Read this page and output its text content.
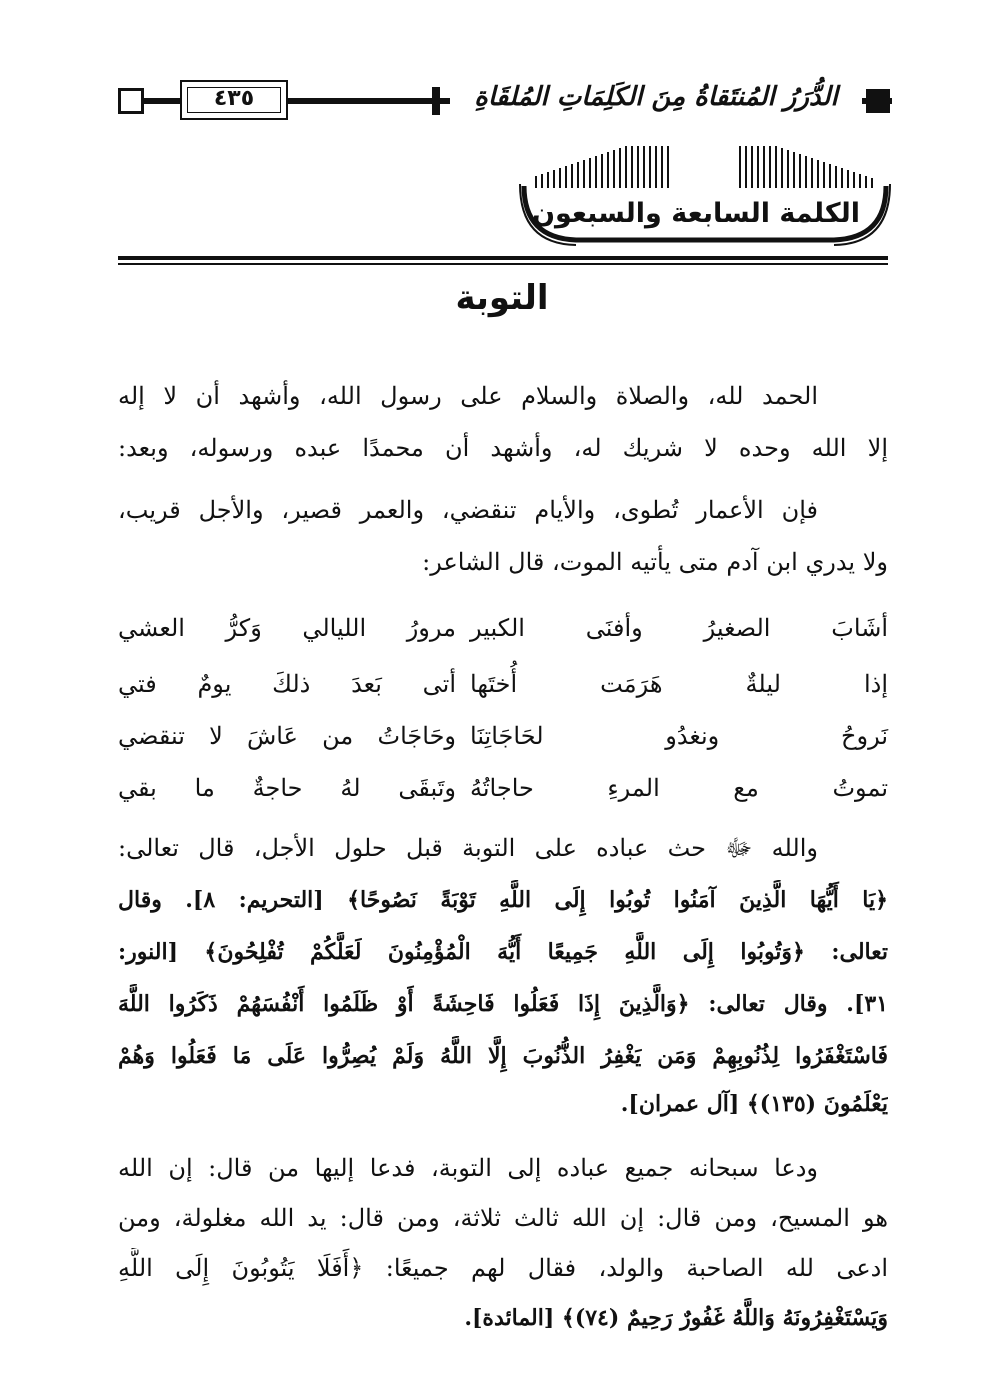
٤٣٥	الدُّرَرُ المُنتَقاةُ مِنَ الكَلِمَاتِ المُلقَاةِ
الكلمة السابعة والسبعون
التوبة
الحمد لله، والصلاة والسلام على رسول الله، وأشهد أن لا إله
إلا الله وحده لا شريك له، وأشهد أن محمدًا عبده ورسوله، وبعد:
فإن الأعمار تُطوى، والأيام تنقضي، والعمر قصير، والأجل قريب،
ولا يدري ابن آدم متى يأتيه الموت، قال الشاعر:
أشَابَ الصغيرُ وأفنَى الكبير
مرورُ الليالي وَكرُّ العشي
إذا ليلةٌ هَرَمَت أُختَها
أتى بَعدَ ذلكَ يومٌ فتي
نَروحُ ونغدُو لحَاجَاتِنَا
وحَاجَاتُ من عَاشَ لا تنقضي
تموتُ مع المرءِ حاجاتُهُ
وتَبقَى لهُ حاجةٌ ما بقي
والله ﷻ حث عباده على التوبة قبل حلول الأجل، قال تعالى:
﴿يَا أَيُّهَا الَّذِينَ آمَنُوا تُوبُوا إِلَى اللَّهِ تَوْبَةً نَصُوحًا﴾ [التحريم: ٨]. وقال
تعالى: ﴿وَتُوبُوا إِلَى اللَّهِ جَمِيعًا أَيُّهَ الْمُؤْمِنُونَ لَعَلَّكُمْ تُفْلِحُونَ﴾ [النور:
٣١]. وقال تعالى: ﴿وَالَّذِينَ إِذَا فَعَلُوا فَاحِشَةً أَوْ ظَلَمُوا أَنْفُسَهُمْ ذَكَرُوا اللَّهَ
فَاسْتَغْفَرُوا لِذُنُوبِهِمْ وَمَن يَغْفِرُ الذُّنُوبَ إِلَّا اللَّهُ وَلَمْ يُصِرُّوا عَلَى مَا فَعَلُوا وَهُمْ
يَعْلَمُونَ (١٣٥)﴾ [آل عمران].
ودعا سبحانه جميع عباده إلى التوبة، فدعا إليها من قال: إن الله
هو المسيح، ومن قال: إن الله ثالث ثلاثة، ومن قال: يد الله مغلولة، ومن
ادعى لله الصاحبة والولد، فقال لهم جميعًا: ﴿أَفَلَا يَتُوبُونَ إِلَى اللَّهِ
وَيَسْتَغْفِرُونَهُ وَاللَّهُ غَفُورٌ رَحِيمٌ (٧٤)﴾ [المائدة].
